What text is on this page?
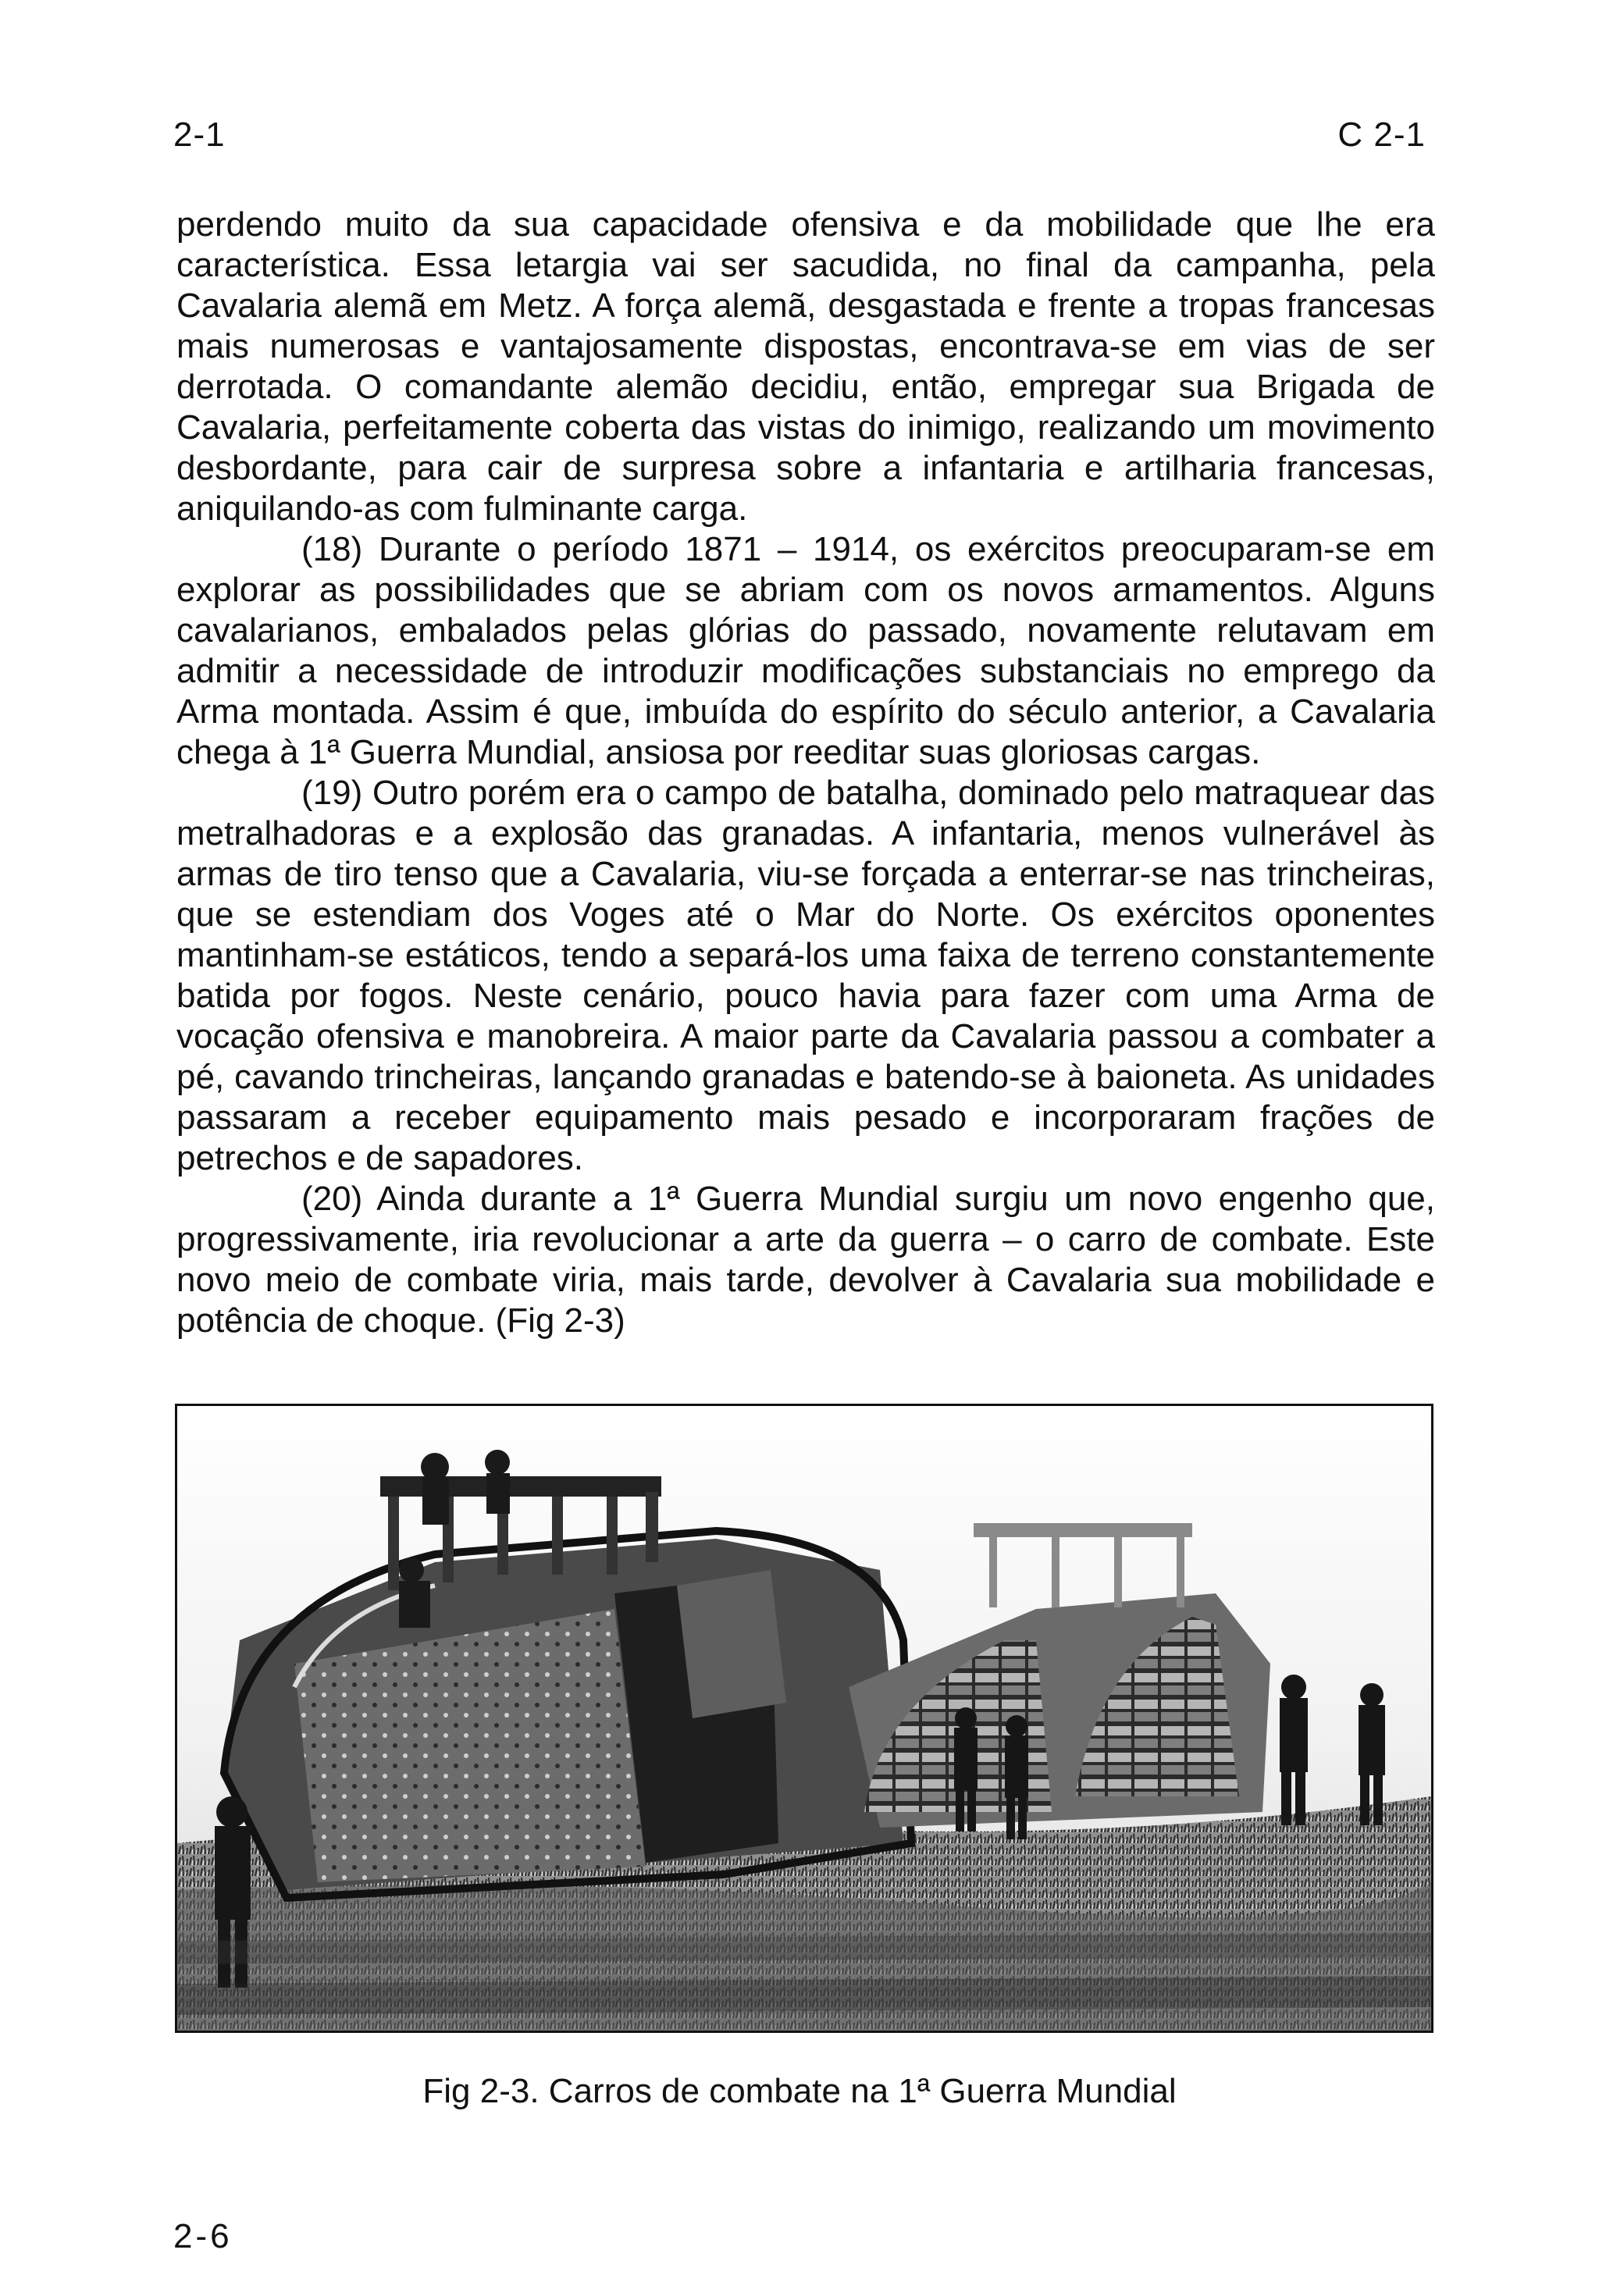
2-1	C 2-1

perdendo muito da sua capacidade ofensiva e da mobilidade que lhe era característica. Essa letargia vai ser sacudida, no final da campanha, pela Cavalaria alemã em Metz. A força alemã, desgastada e frente a tropas francesas mais numerosas e vantajosamente dispostas, encontrava-se em vias de ser derrotada. O comandante alemão decidiu, então, empregar sua Brigada de Cavalaria, perfeitamente coberta das vistas do inimigo, realizando um movimento desbordante, para cair de surpresa sobre a infantaria e artilharia francesas, aniquilando-as com fulminante carga.

(18) Durante o período 1871 – 1914, os exércitos preocuparam-se em explorar as possibilidades que se abriam com os novos armamentos. Alguns cavalarianos, embalados pelas glórias do passado, novamente relutavam em admitir a necessidade de introduzir modificações substanciais no emprego da Arma montada. Assim é que, imbuída do espírito do século anterior, a Cavalaria chega à 1ª Guerra Mundial, ansiosa por reeditar suas gloriosas cargas.

(19) Outro porém era o campo de batalha, dominado pelo matraquear das metralhadoras e a explosão das granadas. A infantaria, menos vulnerável às armas de tiro tenso que a Cavalaria, viu-se forçada a enterrar-se nas trincheiras, que se estendiam dos Voges até o Mar do Norte. Os exércitos oponentes mantinham-se estáticos, tendo a separá-los uma faixa de terreno constantemente batida por fogos. Neste cenário, pouco havia para fazer com uma Arma de vocação ofensiva e manobreira. A maior parte da Cavalaria passou a combater a pé, cavando trincheiras, lançando granadas e batendo-se à baioneta. As unidades passaram a receber equipamento mais pesado e incorporaram frações de petrechos e de sapadores.

(20) Ainda durante a 1ª Guerra Mundial surgiu um novo engenho que, progressivamente, iria revolucionar a arte da guerra – o carro de combate. Este novo meio de combate viria, mais tarde, devolver à Cavalaria sua mobilidade e potência de choque. (Fig 2-3)

Fig 2-3. Carros de combate na 1ª Guerra Mundial
2-6
